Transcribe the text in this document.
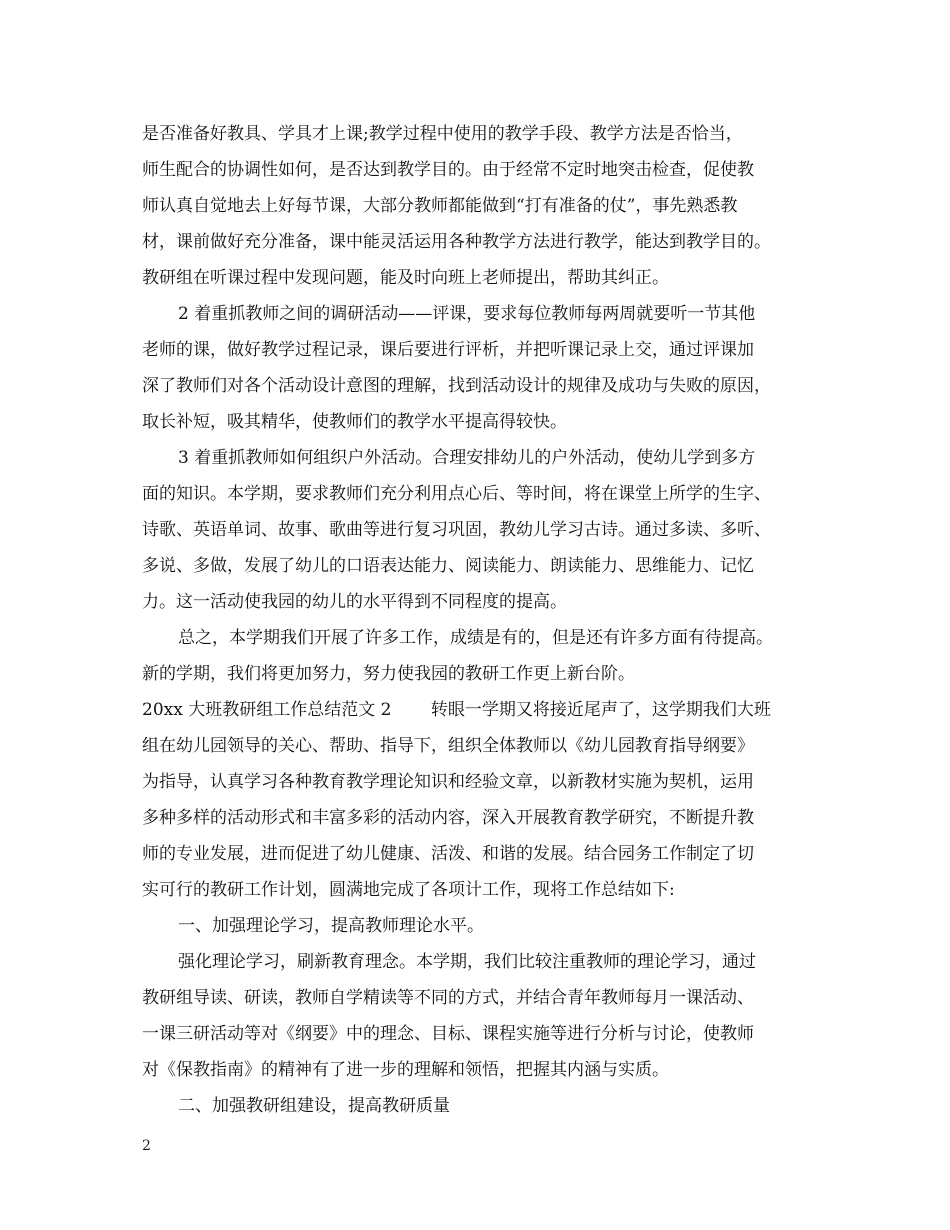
是否准备好教具、学具才上课;教学过程中使用的教学手段、教学方法是否恰当，
师生配合的协调性如何，是否达到教学目的。由于经常不定时地突击检查，促使教
师认真自觉地去上好每节课，大部分教师都能做到“打有准备的仗”，事先熟悉教
材，课前做好充分准备，课中能灵活运用各种教学方法进行教学，能达到教学目的。
教研组在听课过程中发现问题，能及时向班上老师提出，帮助其纠正。
2 着重抓教师之间的调研活动——评课，要求每位教师每两周就要听一节其他
老师的课，做好教学过程记录，课后要进行评析，并把听课记录上交，通过评课加
深了教师们对各个活动设计意图的理解，找到活动设计的规律及成功与失败的原因，
取长补短，吸其精华，使教师们的教学水平提高得较快。
3 着重抓教师如何组织户外活动。合理安排幼儿的户外活动，使幼儿学到多方
面的知识。本学期，要求教师们充分利用点心后、等时间，将在课堂上所学的生字、
诗歌、英语单词、故事、歌曲等进行复习巩固，教幼儿学习古诗。通过多读、多听、
多说、多做，发展了幼儿的口语表达能力、阅读能力、朗读能力、思维能力、记忆
力。这一活动使我园的幼儿的水平得到不同程度的提高。
总之，本学期我们开展了许多工作，成绩是有的，但是还有许多方面有待提高。
新的学期，我们将更加努力，努力使我园的教研工作更上新台阶。
20xx 大班教研组工作总结范文 2　　 转眼一学期又将接近尾声了，这学期我们大班
组在幼儿园领导的关心、帮助、指导下，组织全体教师以《幼儿园教育指导纲要》
为指导，认真学习各种教育教学理论知识和经验文章，以新教材实施为契机，运用
多种多样的活动形式和丰富多彩的活动内容，深入开展教育教学研究，不断提升教
师的专业发展，进而促进了幼儿健康、活泼、和谐的发展。结合园务工作制定了切
实可行的教研工作计划，圆满地完成了各项计工作，现将工作总结如下:
一、加强理论学习，提高教师理论水平。
强化理论学习，刷新教育理念。本学期，我们比较注重教师的理论学习，通过
教研组导读、研读，教师自学精读等不同的方式，并结合青年教师每月一课活动、
一课三研活动等对《纲要》中的理念、目标、课程实施等进行分析与讨论，使教师
对《保教指南》的精神有了进一步的理解和领悟，把握其内涵与实质。
二、加强教研组建设，提高教研质量
2
